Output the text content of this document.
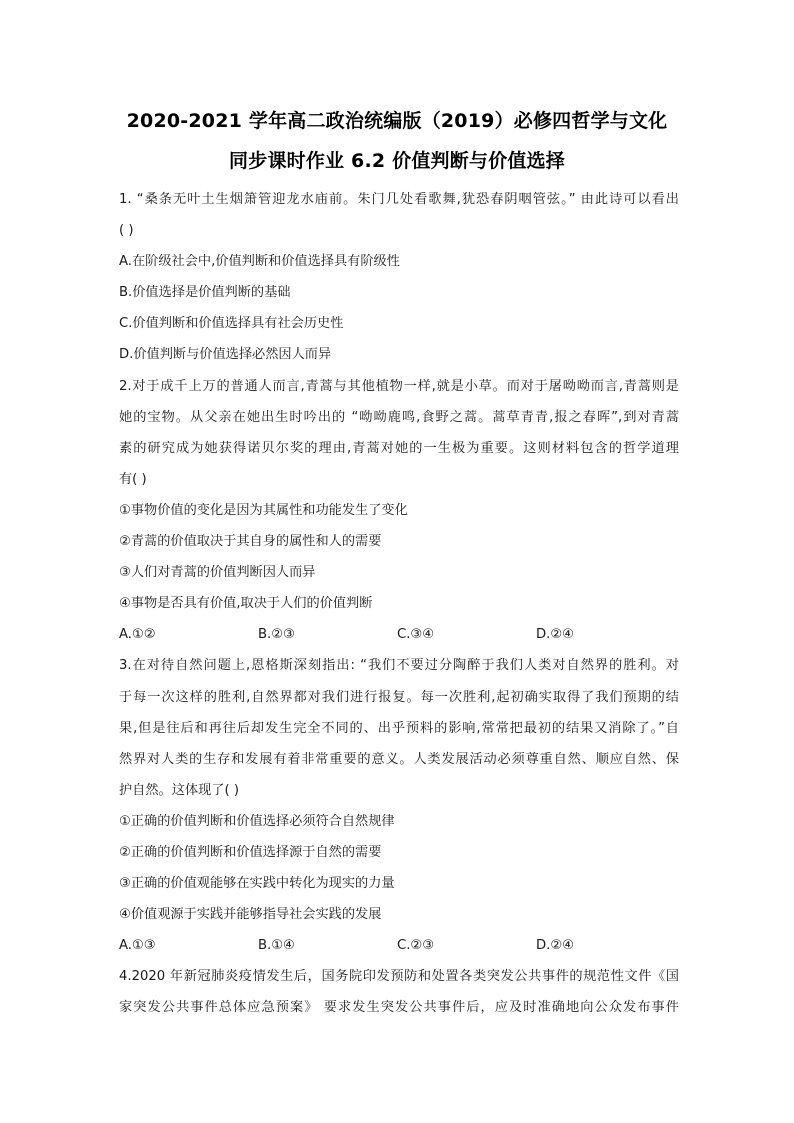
2020-2021 学年高二政治统编版（2019）必修四哲学与文化
同步课时作业 6.2 价值判断与价值选择
1. “桑条无叶土生烟箫管迎龙水庙前。朱门几处看歌舞,犹恐春阴咽管弦。” 由此诗可以看出
( )
A.在阶级社会中,价值判断和价值选择具有阶级性
B.价值选择是价值判断的基础
C.价值判断和价值选择具有社会历史性
D.价值判断与价值选择必然因人而异
2.对于成千上万的普通人而言,青蒿与其他植物一样,就是小草。而对于屠呦呦而言,青蒿则是
她的宝物。从父亲在她出生时吟出的 “呦呦鹿鸣,食野之蒿。蒿草青青,报之春晖”,到对青蒿
素的研究成为她获得诺贝尔奖的理由,青蒿对她的一生极为重要。这则材料包含的哲学道理
有( )
①事物价值的变化是因为其属性和功能发生了变化
②青蒿的价值取决于其自身的属性和人的需要
③人们对青蒿的价值判断因人而异
④事物是否具有价值,取决于人们的价值判断
A.①②	B.②③	C.③④	D.②④
3.在对待自然问题上,恩格斯深刻指出: “我们不要过分陶醉于我们人类对自然界的胜利。对
于每一次这样的胜利,自然界都对我们进行报复。每一次胜利,起初确实取得了我们预期的结
果,但是往后和再往后却发生完全不同的、出乎预料的影响,常常把最初的结果又消除了。”自
然界对人类的生存和发展有着非常重要的意义。人类发展活动必须尊重自然、顺应自然、保
护自然。这体现了( )
①正确的价值判断和价值选择必须符合自然规律
②正确的价值判断和价值选择源于自然的需要
③正确的价值观能够在实践中转化为现实的力量
④价值观源于实践并能够指导社会实践的发展
A.①③	B.①④	C.②③	D.②④
4.2020 年新冠肺炎疫情发生后，国务院印发预防和处置各类突发公共事件的规范性文件《国
家突发公共事件总体应急预案》 要求发生突发公共事件后，应及时准确地向公众发布事件
